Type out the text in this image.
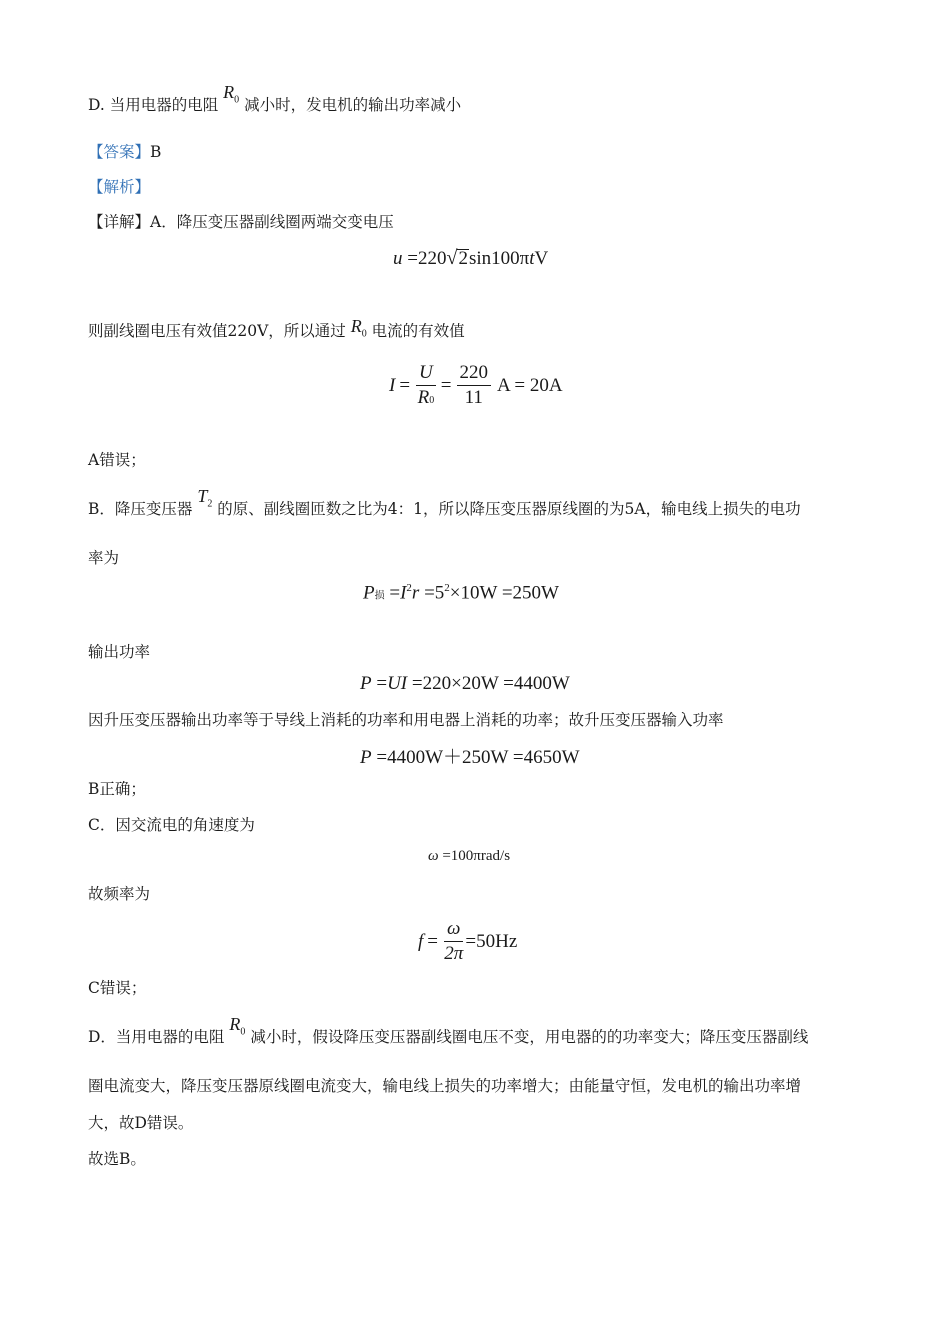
D. 当用电器的电阻 $R_0$ 减小时，发电机的输出功率减小
【答案】B
【解析】
【详解】A．降压变压器副线圈两端交变电压
u =220√2sin100πtV
则副线圈电压有效值220V，所以通过 $R_0$ 电流的有效值
$I = \frac{U}{R0} = \frac{220}{11}$ A = 20A
A错误；
B．降压变压器 $T_2$ 的原、副线圈匝数之比为4：1，所以降压变压器原线圈的为5A，输电线上损失的电功
率为
P损 $=I^2r =5^2\times 10W =250W$
输出功率
P =UI =220×20W =4400W
因升压变压器输出功率等于导线上消耗的功率和用电器上消耗的功率；故升压变压器输入功率
P =4400W＋250W =4650W
B正确；
C．因交流电的角速度为
ω =100πrad/s
故频率为
$f = \frac{\omega}{2\pi} =50Hz$
C错误；
D．当用电器的电阻 $R_0$ 减小时，假设降压变压器副线圈电压不变，用电器的的功率变大；降压变压器副线
圈电流变大，降压变压器原线圈电流变大，输电线上损失的功率增大；由能量守恒，发电机的输出功率增
大，故D错误。
故选B。
